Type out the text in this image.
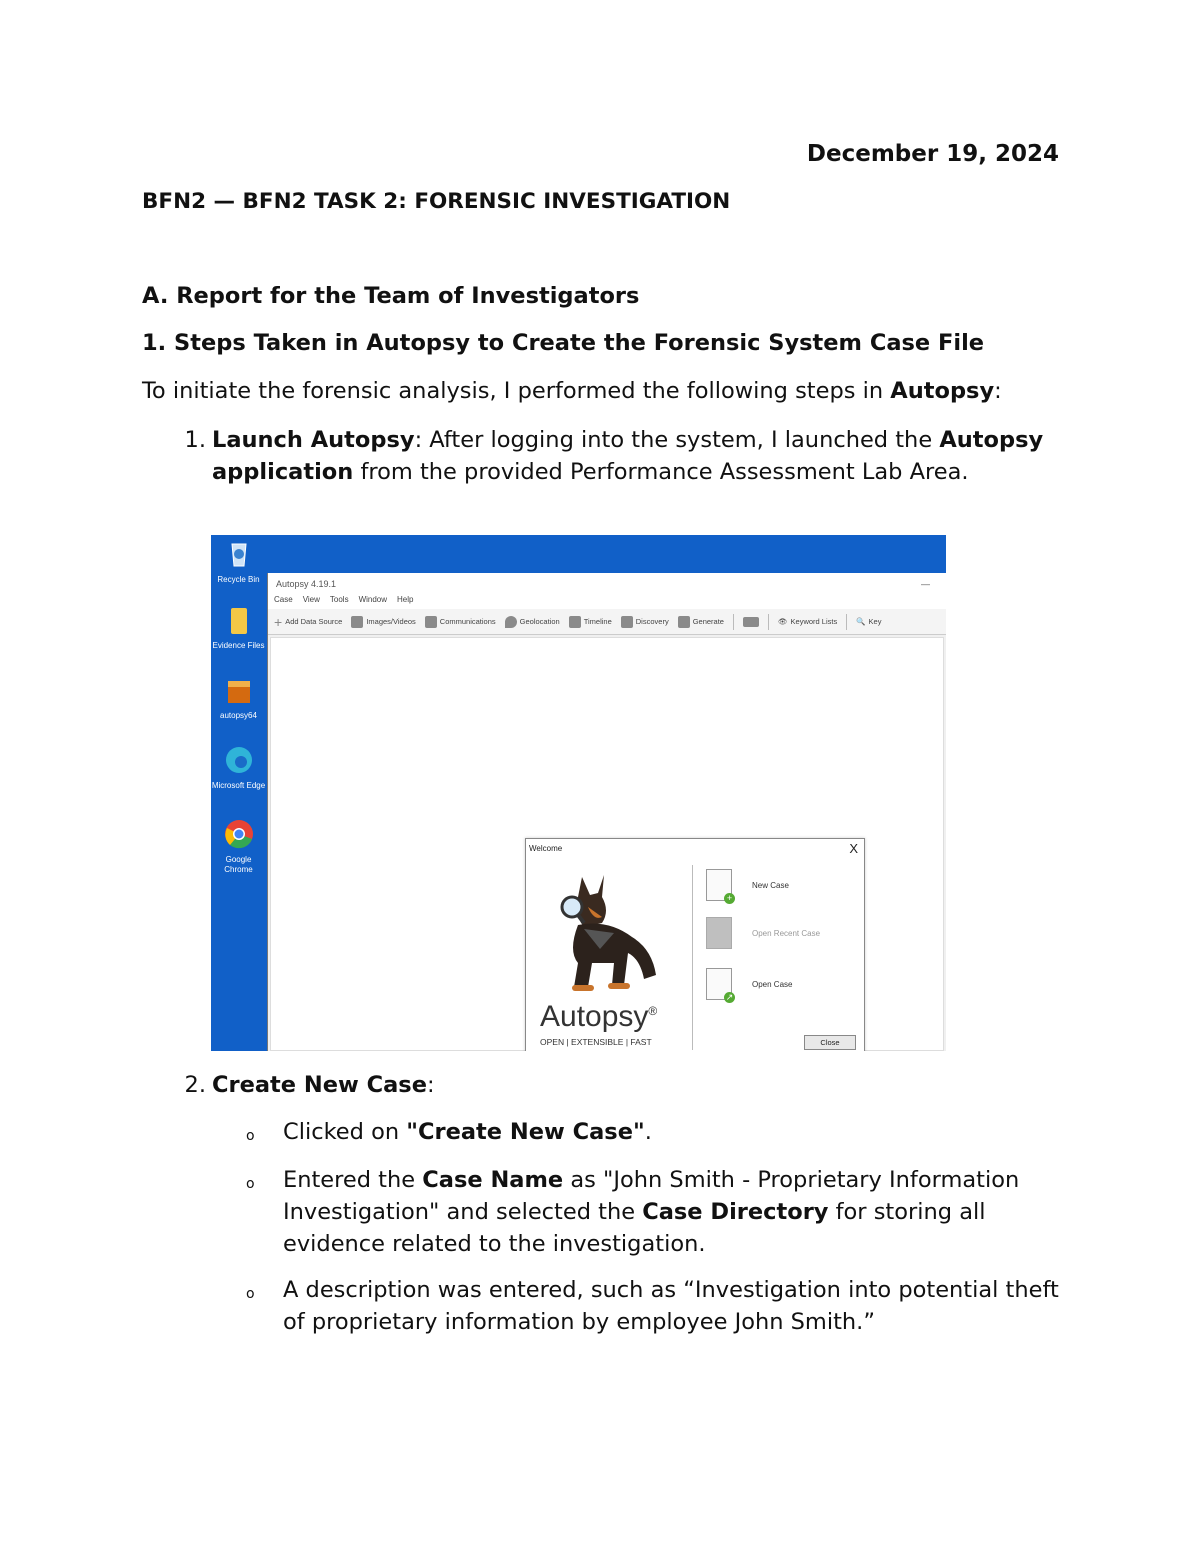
December 19, 2024
BFN2 — BFN2 TASK 2: FORENSIC INVESTIGATION
A. Report for the Team of Investigators
1. Steps Taken in Autopsy to Create the Forensic System Case File
To initiate the forensic analysis, I performed the following steps in Autopsy:
1. Launch Autopsy: After logging into the system, I launched the Autopsy application from the provided Performance Assessment Lab Area.
Recycle Bin
Evidence Files
autopsy64
Microsoft Edge
Google Chrome
Autopsy 4.19.1	—
Case View Tools Window Help
+ Add Data Source	Images/Videos	Communications	Geolocation	Timeline	Discovery	Generate	👁 Keyword Lists	🔍 Key
Welcome	X
Autopsy®
OPEN | EXTENSIBLE | FAST
+
New Case
Open Recent Case
↗
Open Case
Close
2. Create New Case:
o Clicked on "Create New Case".
o Entered the Case Name as "John Smith - Proprietary Information Investigation" and selected the Case Directory for storing all evidence related to the investigation.
o A description was entered, such as “Investigation into potential theft of proprietary information by employee John Smith.”
